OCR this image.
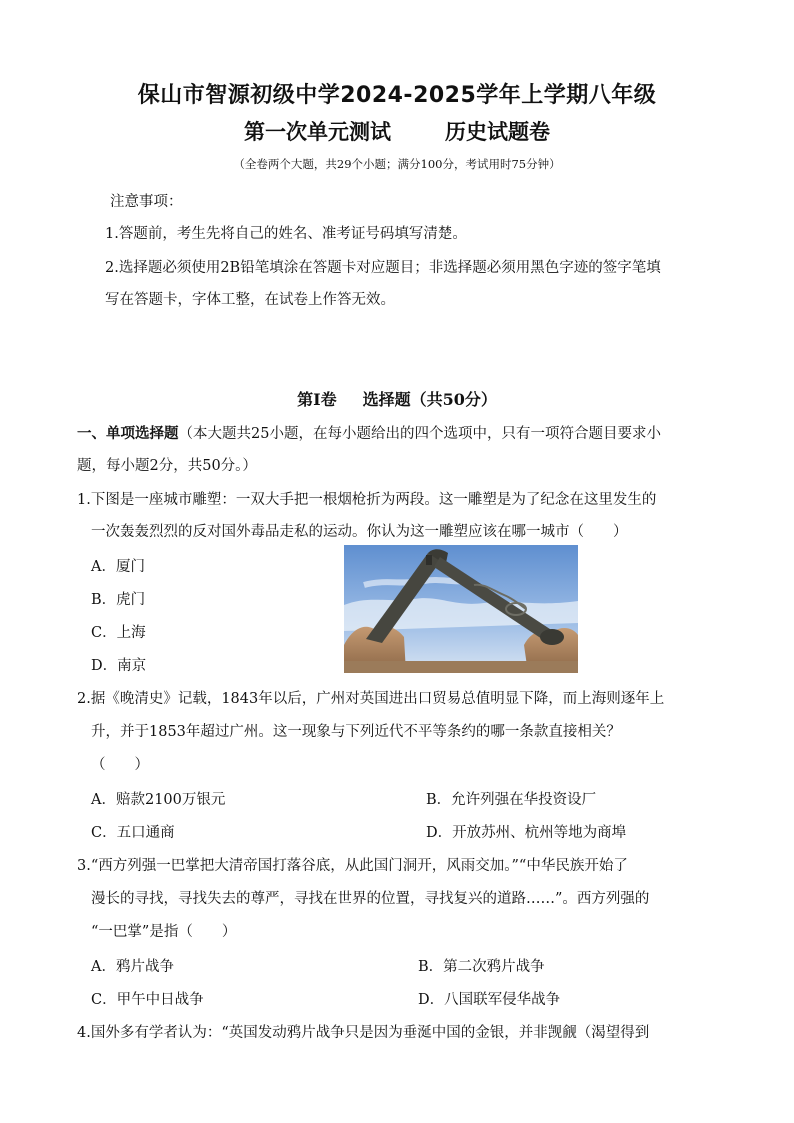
保山市智源初级中学2024-2025学年上学期八年级
第一次单元测试	历史试题卷
（全卷两个大题，共29个小题；满分100分，考试用时75分钟）
注意事项：
1.答题前，考生先将自己的姓名、准考证号码填写清楚。
2.选择题必须使用2B铅笔填涂在答题卡对应题目；非选择题必须用黑色字迹的签字笔填
写在答题卡，字体工整，在试卷上作答无效。
第Ⅰ卷 选择题（共50分）
一、单项选择题（本大题共25小题，在每小题给出的四个选项中，只有一项符合题目要求小
题，每小题2分，共50分。）
1.下图是一座城市雕塑：一双大手把一根烟枪折为两段。这一雕塑是为了纪念在这里发生的
一次轰轰烈烈的反对国外毒品走私的运动。你认为这一雕塑应该在哪一城市（　　）
A．厦门
B．虎门
C．上海
D．南京
2.据《晚清史》记载，1843年以后，广州对英国进出口贸易总值明显下降，而上海则逐年上
升，并于1853年超过广州。这一现象与下列近代不平等条约的哪一条款直接相关？
（　　）
A．赔款2100万银元	B．允许列强在华投资设厂
C．五口通商	D．开放苏州、杭州等地为商埠
3.“西方列强一巴掌把大清帝国打落谷底，从此国门洞开，风雨交加。”“中华民族开始了
漫长的寻找，寻找失去的尊严，寻找在世界的位置，寻找复兴的道路……”。西方列强的
“一巴掌”是指（　　）
A．鸦片战争	B．第二次鸦片战争
C．甲午中日战争	D．八国联军侵华战争
4.国外多有学者认为：“英国发动鸦片战争只是因为垂涎中国的金银，并非觊觎（渴望得到
